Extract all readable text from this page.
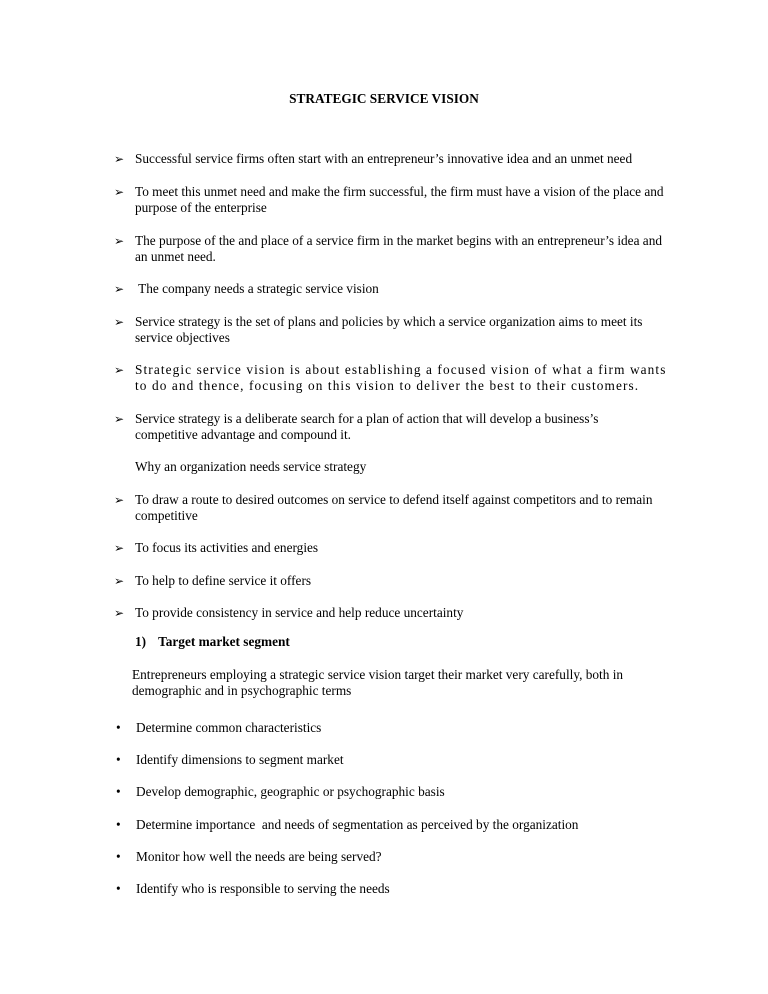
STRATEGIC SERVICE VISION
➢ Successful service firms often start with an entrepreneur’s innovative idea and an unmet need
➢ To meet this unmet need and make the firm successful, the firm must have a vision of the place and purpose of the enterprise
➢ The purpose of the and place of a service firm in the market begins with an entrepreneur’s idea and an unmet need.
➢ The company needs a strategic service vision
➢ Service strategy is the set of plans and policies by which a service organization aims to meet its service objectives
➢ Strategic service vision is about establishing a focused vision of what a firm wants to do and thence, focusing on this vision to deliver the best to their customers.
➢ Service strategy is a deliberate search for a plan of action that will develop a business’s competitive advantage and compound it.
Why an organization needs service strategy
➢ To draw a route to desired outcomes on service to defend itself against competitors and to remain competitive
➢ To focus its activities and energies
➢ To help to define service it offers
➢ To provide consistency in service and help reduce uncertainty
1) Target market segment
Entrepreneurs employing a strategic service vision target their market very carefully, both in demographic and in psychographic terms
• Determine common characteristics
• Identify dimensions to segment market
• Develop demographic, geographic or psychographic basis
• Determine importance  and needs of segmentation as perceived by the organization
• Monitor how well the needs are being served?
• Identify who is responsible to serving the needs
